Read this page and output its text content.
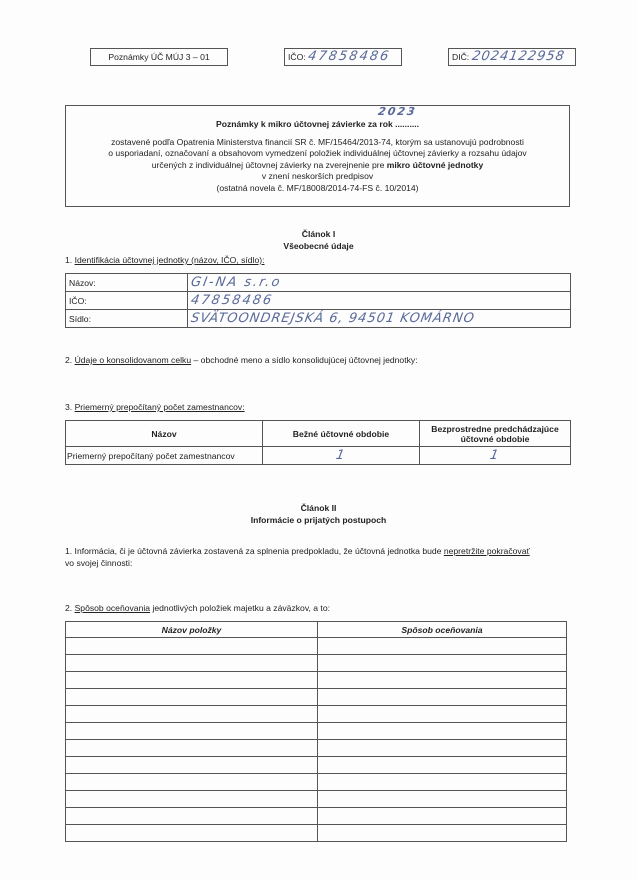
Poznámky ÚČ MÚJ 3 – 01	IČO: 47858486	DIČ: 2024122958
Poznámky k mikro účtovnej závierke za rok ..........
2023
zostavené podľa Opatrenia Ministerstva financií SR č. MF/15464/2013-74, ktorým sa ustanovujú podrobnosti
o usporiadaní, označovaní a obsahovom vymedzení položiek individuálnej účtovnej závierky a rozsahu údajov
určených z individuálnej účtovnej závierky na zverejnenie pre mikro účtovné jednotky
v znení neskorších predpisov
(ostatná novela č. MF/18008/2014-74-FS č. 10/2014)
Článok I
Všeobecné údaje
1. Identifikácia účtovnej jednotky (názov, IČO, sídlo):
Názov:	GI-NA s.r.o
IČO:	47858486
Sídlo:	SVÄTOONDREJSKÁ 6, 94501 KOMÁRNO
2. Údaje o konsolidovanom celku – obchodné meno a sídlo konsolidujúcej účtovnej jednotky:
3. Priemerný prepočítaný počet zamestnancov:
Názov	Bežné účtovné obdobie	Bezprostredne predchádzajúce účtovné obdobie
Priemerný prepočítaný počet zamestnancov	1	1
Článok II
Informácie o prijatých postupoch
1. Informácia, či je účtovná závierka zostavená za splnenia predpokladu, že účtovná jednotka bude nepretržite pokračovať
vo svojej činnosti:
2. Spôsob oceňovania jednotlivých položiek majetku a záväzkov, a to:
Názov položky	Spôsob oceňovania
